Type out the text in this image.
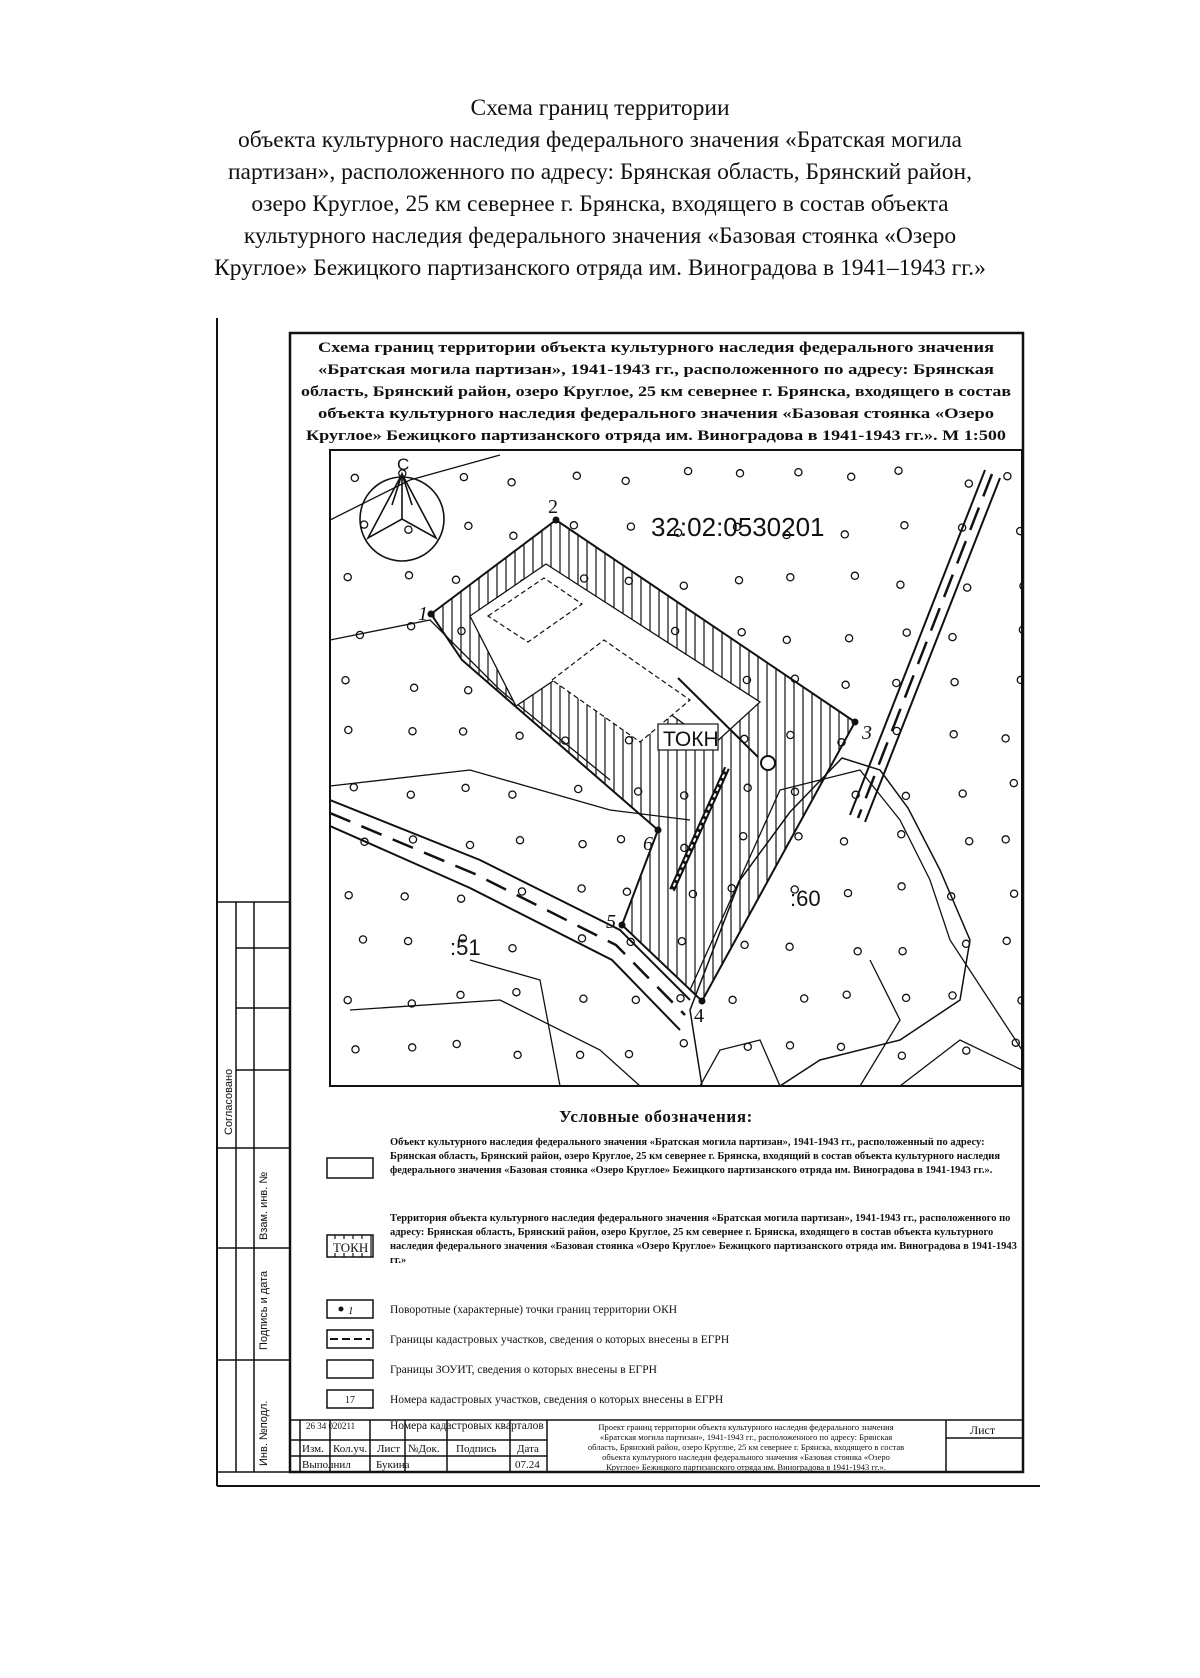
Схема границ территории
объекта культурного наследия федерального значения «Братская могила
партизан», расположенного по адресу: Брянская область, Брянский район,
озеро Круглое, 25 км севернее г. Брянска, входящего в состав объекта
культурного наследия федерального значения «Базовая стоянка «Озеро
Круглое» Бежицкого партизанского отряда им. Виноградова в 1941–1943 гг.»
Схема границ территории объекта культурного наследия федерального значения
«Братская могила партизан», 1941-1943 гг., расположенного по адресу: Брянская
область, Брянский район, озеро Круглое, 25 км севернее г. Брянска, входящего в состав
объекта культурного наследия федерального значения «Базовая стоянка «Озеро
Круглое» Бежицкого партизанского отряда им. Виноградова в 1941-1943 гг.». М 1:500
С
32:02:0530201
ТОКН
:51
:60
1
2
3
4
5
6
Условные обозначения:
Объект культурного наследия федерального значения «Братская могила партизан», 1941-1943 гг., расположенный по адресу: Брянская область, Брянский район, озеро Круглое, 25 км севернее г. Брянска, входящий в состав объекта культурного наследия федерального значения «Базовая стоянка «Озеро Круглое» Бежицкого партизанского отряда им. Виноградова в 1941-1943 гг.».
ТОКН
Территория объекта культурного наследия федерального значения «Братская могила партизан», 1941-1943 гг., расположенного по адресу: Брянская область, Брянский район, озеро Круглое, 25 км севернее г. Брянска, входящего в состав объекта культурного наследия федерального значения «Базовая стоянка «Озеро Круглое» Бежицкого партизанского отряда им. Виноградова в 1941-1943 гг.»
1	Поворотные (характерные) точки границ территории ОКН
Границы кадастровых участков, сведения о которых внесены в ЕГРН
Границы ЗОУИТ, сведения о которых внесены в ЕГРН
17	Номера кадастровых участков, сведения о которых внесены в ЕГРН
26 34 020211	Номера кадастровых кварталов
Согласовано
Взам. инв. №
Подпись и дата
Инв. №подл.	Изм. Кол.уч. Лист №Док. Подпись Дата
Выполнил Букина	07.24
Проект границ территории объекта культурного наследия федерального значения
«Братская могила партизан», 1941-1943 гг., расположенного по адресу: Брянская
область, Брянский район, озеро Круглое, 25 км севернее г. Брянска, входящего в состав
объекта культурного наследия федерального значения «Базовая стоянка «Озеро
Круглое» Бежицкого партизанского отряда им. Виноградова в 1941-1943 гг.».
Лист
